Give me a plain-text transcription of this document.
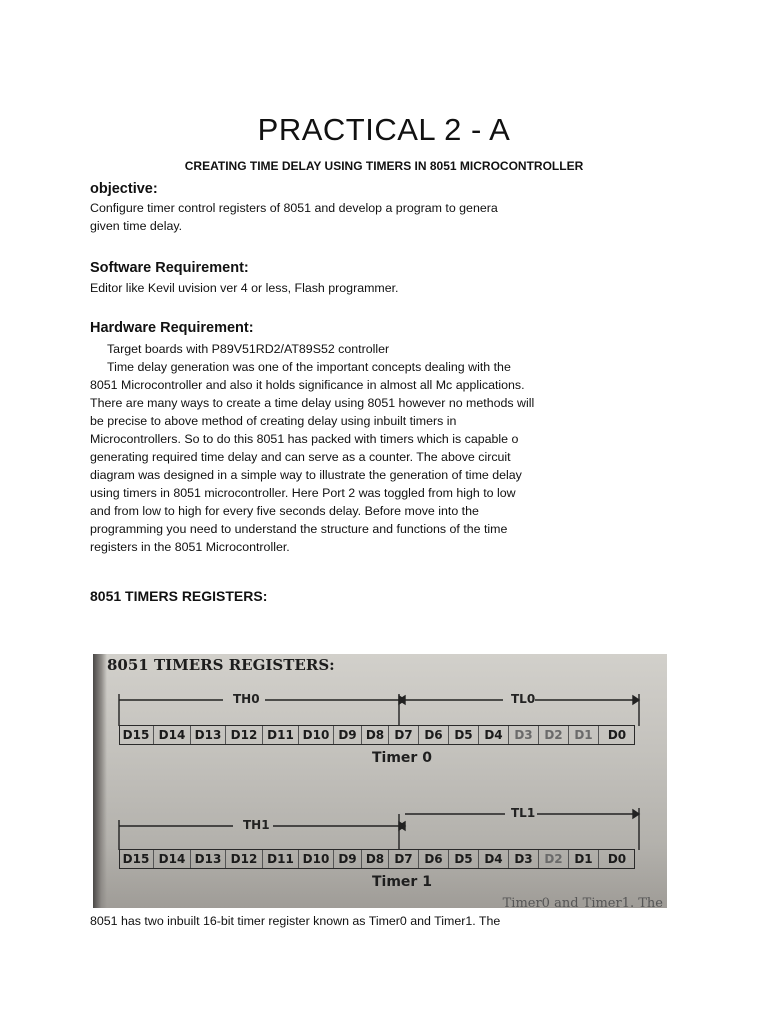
PRACTICAL 2 - A
CREATING TIME DELAY USING TIMERS IN 8051 MICROCONTROLLER
objective:
Configure timer control registers of 8051 and develop a program to genera
given time delay.
Software Requirement:
Editor like Kevil uvision ver 4 or less, Flash programmer.
Hardware Requirement:
Target boards with P89V51RD2/AT89S52 controller
Time delay generation was one of the important concepts dealing with the
8051 Microcontroller and also it holds significance in almost all Mc applications.
There are many ways to create a time delay using 8051 however no methods will
be precise to above method of creating delay using inbuilt timers in
Microcontrollers. So to do this 8051 has packed with timers which is capable o
generating required time delay and can serve as a counter. The above circuit
diagram was designed in a simple way to illustrate the generation of time delay
using timers in 8051 microcontroller. Here Port 2 was toggled from high to low
and from low to high for every five seconds delay. Before move into the
programming you need to understand the structure and functions of the time
registers in the 8051 Microcontroller.
8051 TIMERS REGISTERS:
8051 TIMERS REGISTERS:
TH0	TL0
D15 D14 D13 D12 D11 D10 D9 D8 D7 D6 D5 D4 D3 D2 D1	D0
Timer 0
TH1
TL1
D15 D14 D13 D12 D11 D10 D9 D8 D7 D6 D5 D4 D3 D2 D1	D0
Timer 1
Timer0 and Timer1. The
8051 has two inbuilt 16-bit timer register known as Timer0 and Timer1. The
